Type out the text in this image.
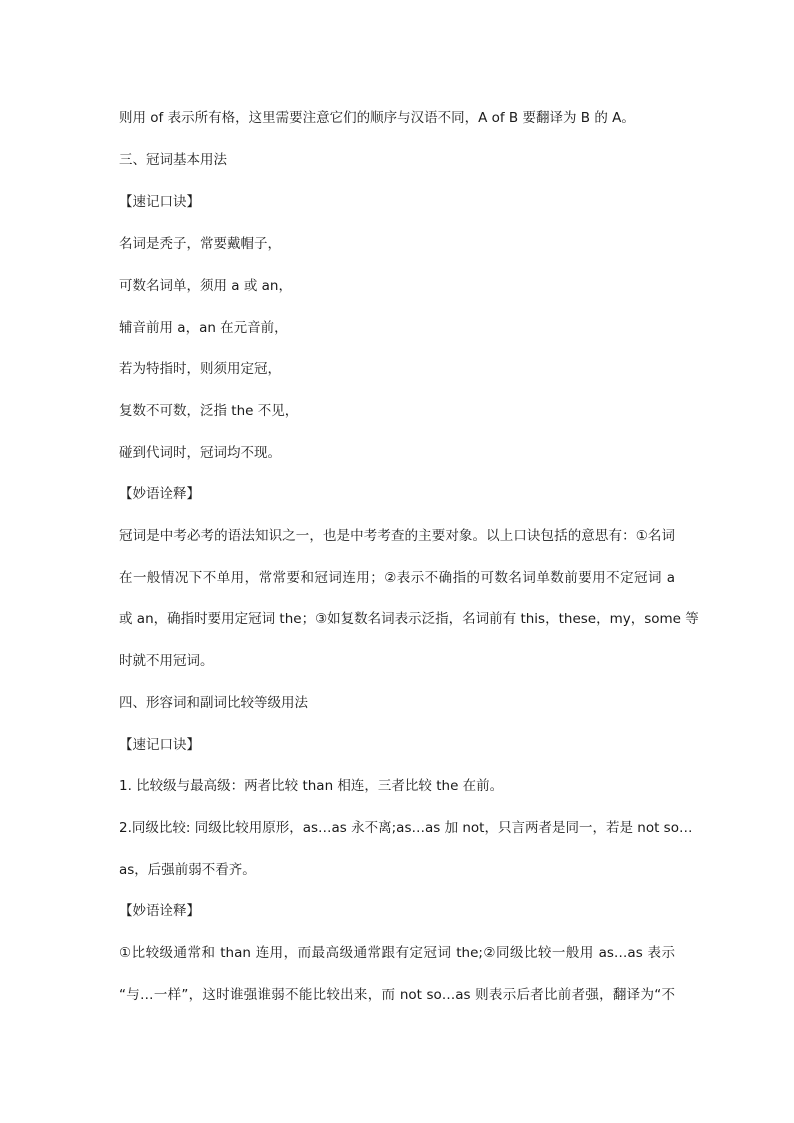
则用 of 表示所有格，这里需要注意它们的顺序与汉语不同，A of B 要翻译为 B 的 A。
三、冠词基本用法
【速记口诀】
名词是秃子，常要戴帽子，
可数名词单，须用 a 或 an，
辅音前用 a，an 在元音前，
若为特指时，则须用定冠，
复数不可数，泛指 the 不见，
碰到代词时，冠词均不现。
【妙语诠释】
冠词是中考必考的语法知识之一，也是中考考查的主要对象。以上口诀包括的意思有：①名词
在一般情况下不单用，常常要和冠词连用；②表示不确指的可数名词单数前要用不定冠词 a
或 an，确指时要用定冠词 the；③如复数名词表示泛指，名词前有 this，these，my，some 等
时就不用冠词。
四、形容词和副词比较等级用法
【速记口诀】
1. 比较级与最高级：两者比较 than 相连，三者比较 the 在前。
2.同级比较: 同级比较用原形，as…as 永不离;as…as 加 not，只言两者是同一，若是 not so…
as，后强前弱不看齐。
【妙语诠释】
①比较级通常和 than 连用，而最高级通常跟有定冠词 the;②同级比较一般用 as…as 表示
“与…一样”，这时谁强谁弱不能比较出来，而 not so…as 则表示后者比前者强，翻译为“不
